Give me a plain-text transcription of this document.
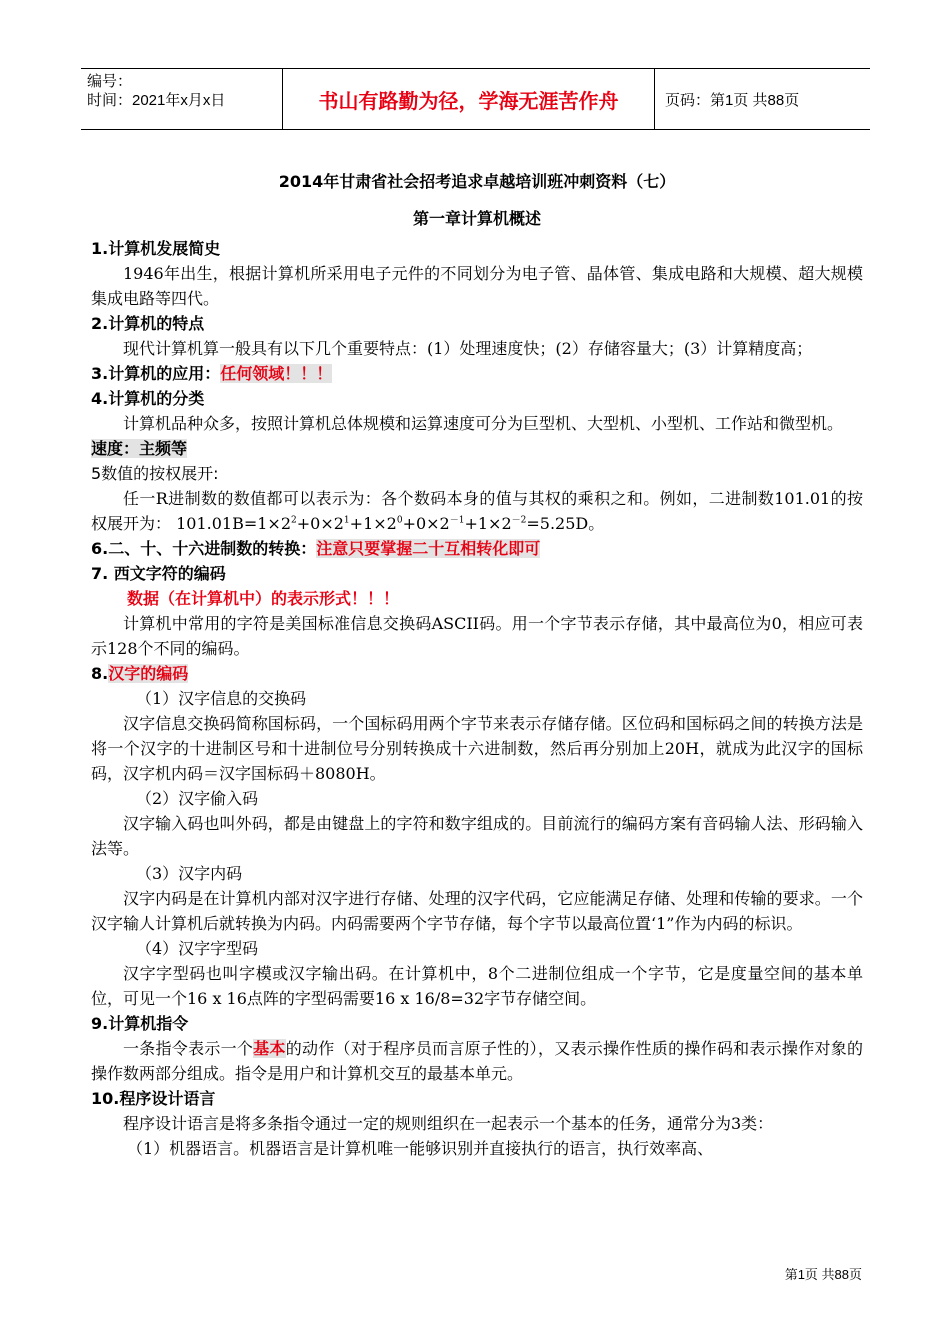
编号：
时间：2021年x月x日	书山有路勤为径，学海无涯苦作舟	页码：第1页 共88页
2014年甘肃省社会招考追求卓越培训班冲刺资料（七）
第一章计算机概述
1.计算机发展简史
1946年出生，根据计算机所采用电子元件的不同划分为电子管、晶体管、集成电路和大规模、超大规模集成电路等四代。
2.计算机的特点
现代计算机算一般具有以下几个重要特点：(1）处理速度快；(2）存储容量大；(3）计算精度高；
3.计算机的应用：任何领域！！！
4.计算机的分类
计算机品种众多，按照计算机总体规模和运算速度可分为巨型机、大型机、小型机、工作站和微型机。
速度：主频等
5数值的按权展开:
任一R进制数的数值都可以表示为：各个数码本身的值与其权的乘积之和。例如，二进制数101.01的按权展开为： $101.01B=1\times 2^2+0\times 2^1+1\times 2^0+0\times 2^{-1}+1\times 2^{-2}=5.25D$。
6.二、十、十六进制数的转换：注意只要掌握二十互相转化即可
7. 西文字符的编码
数据（在计算机中）的表示形式！！！
计算机中常用的字符是美国标准信息交换码ASCII码。用一个字节表示存储，其中最高位为0，相应可表示128个不同的编码。
8.汉字的编码
（1）汉字信息的交换码
汉字信息交换码简称国标码，一个国标码用两个字节来表示存储存储。区位码和国标码之间的转换方法是将一个汉字的十进制区号和十进制位号分别转换成十六进制数，然后再分别加上20H，就成为此汉字的国标码，汉字机内码＝汉字国标码＋8080H。
（2）汉字偷入码
汉字输入码也叫外码，都是由键盘上的字符和数字组成的。目前流行的编码方案有音码输人法、形码输入法等。
（3）汉字内码
汉字内码是在计算机内部对汉字进行存储、处理的汉字代码，它应能满足存储、处理和传输的要求。一个汉字输人计算机后就转换为内码。内码需要两个字节存储，每个字节以最高位置‘1”作为内码的标识。
（4）汉字字型码
汉字字型码也叫字模或汉字输出码。在计算机中，8个二进制位组成一个字节，它是度量空间的基本单位，可见一个16 x 16点阵的字型码需要16 x 16/8=32字节存储空间。
9.计算机指令
一条指令表示一个基本的动作（对于程序员而言原子性的），又表示操作性质的操作码和表示操作对象的操作数两部分组成。指令是用户和计算机交互的最基本单元。
10.程序设计语言
程序设计语言是将多条指令通过一定的规则组织在一起表示一个基本的任务，通常分为3类：
（1）机器语言。机器语言是计算机唯一能够识别并直接执行的语言，执行效率高、
第1页 共88页
